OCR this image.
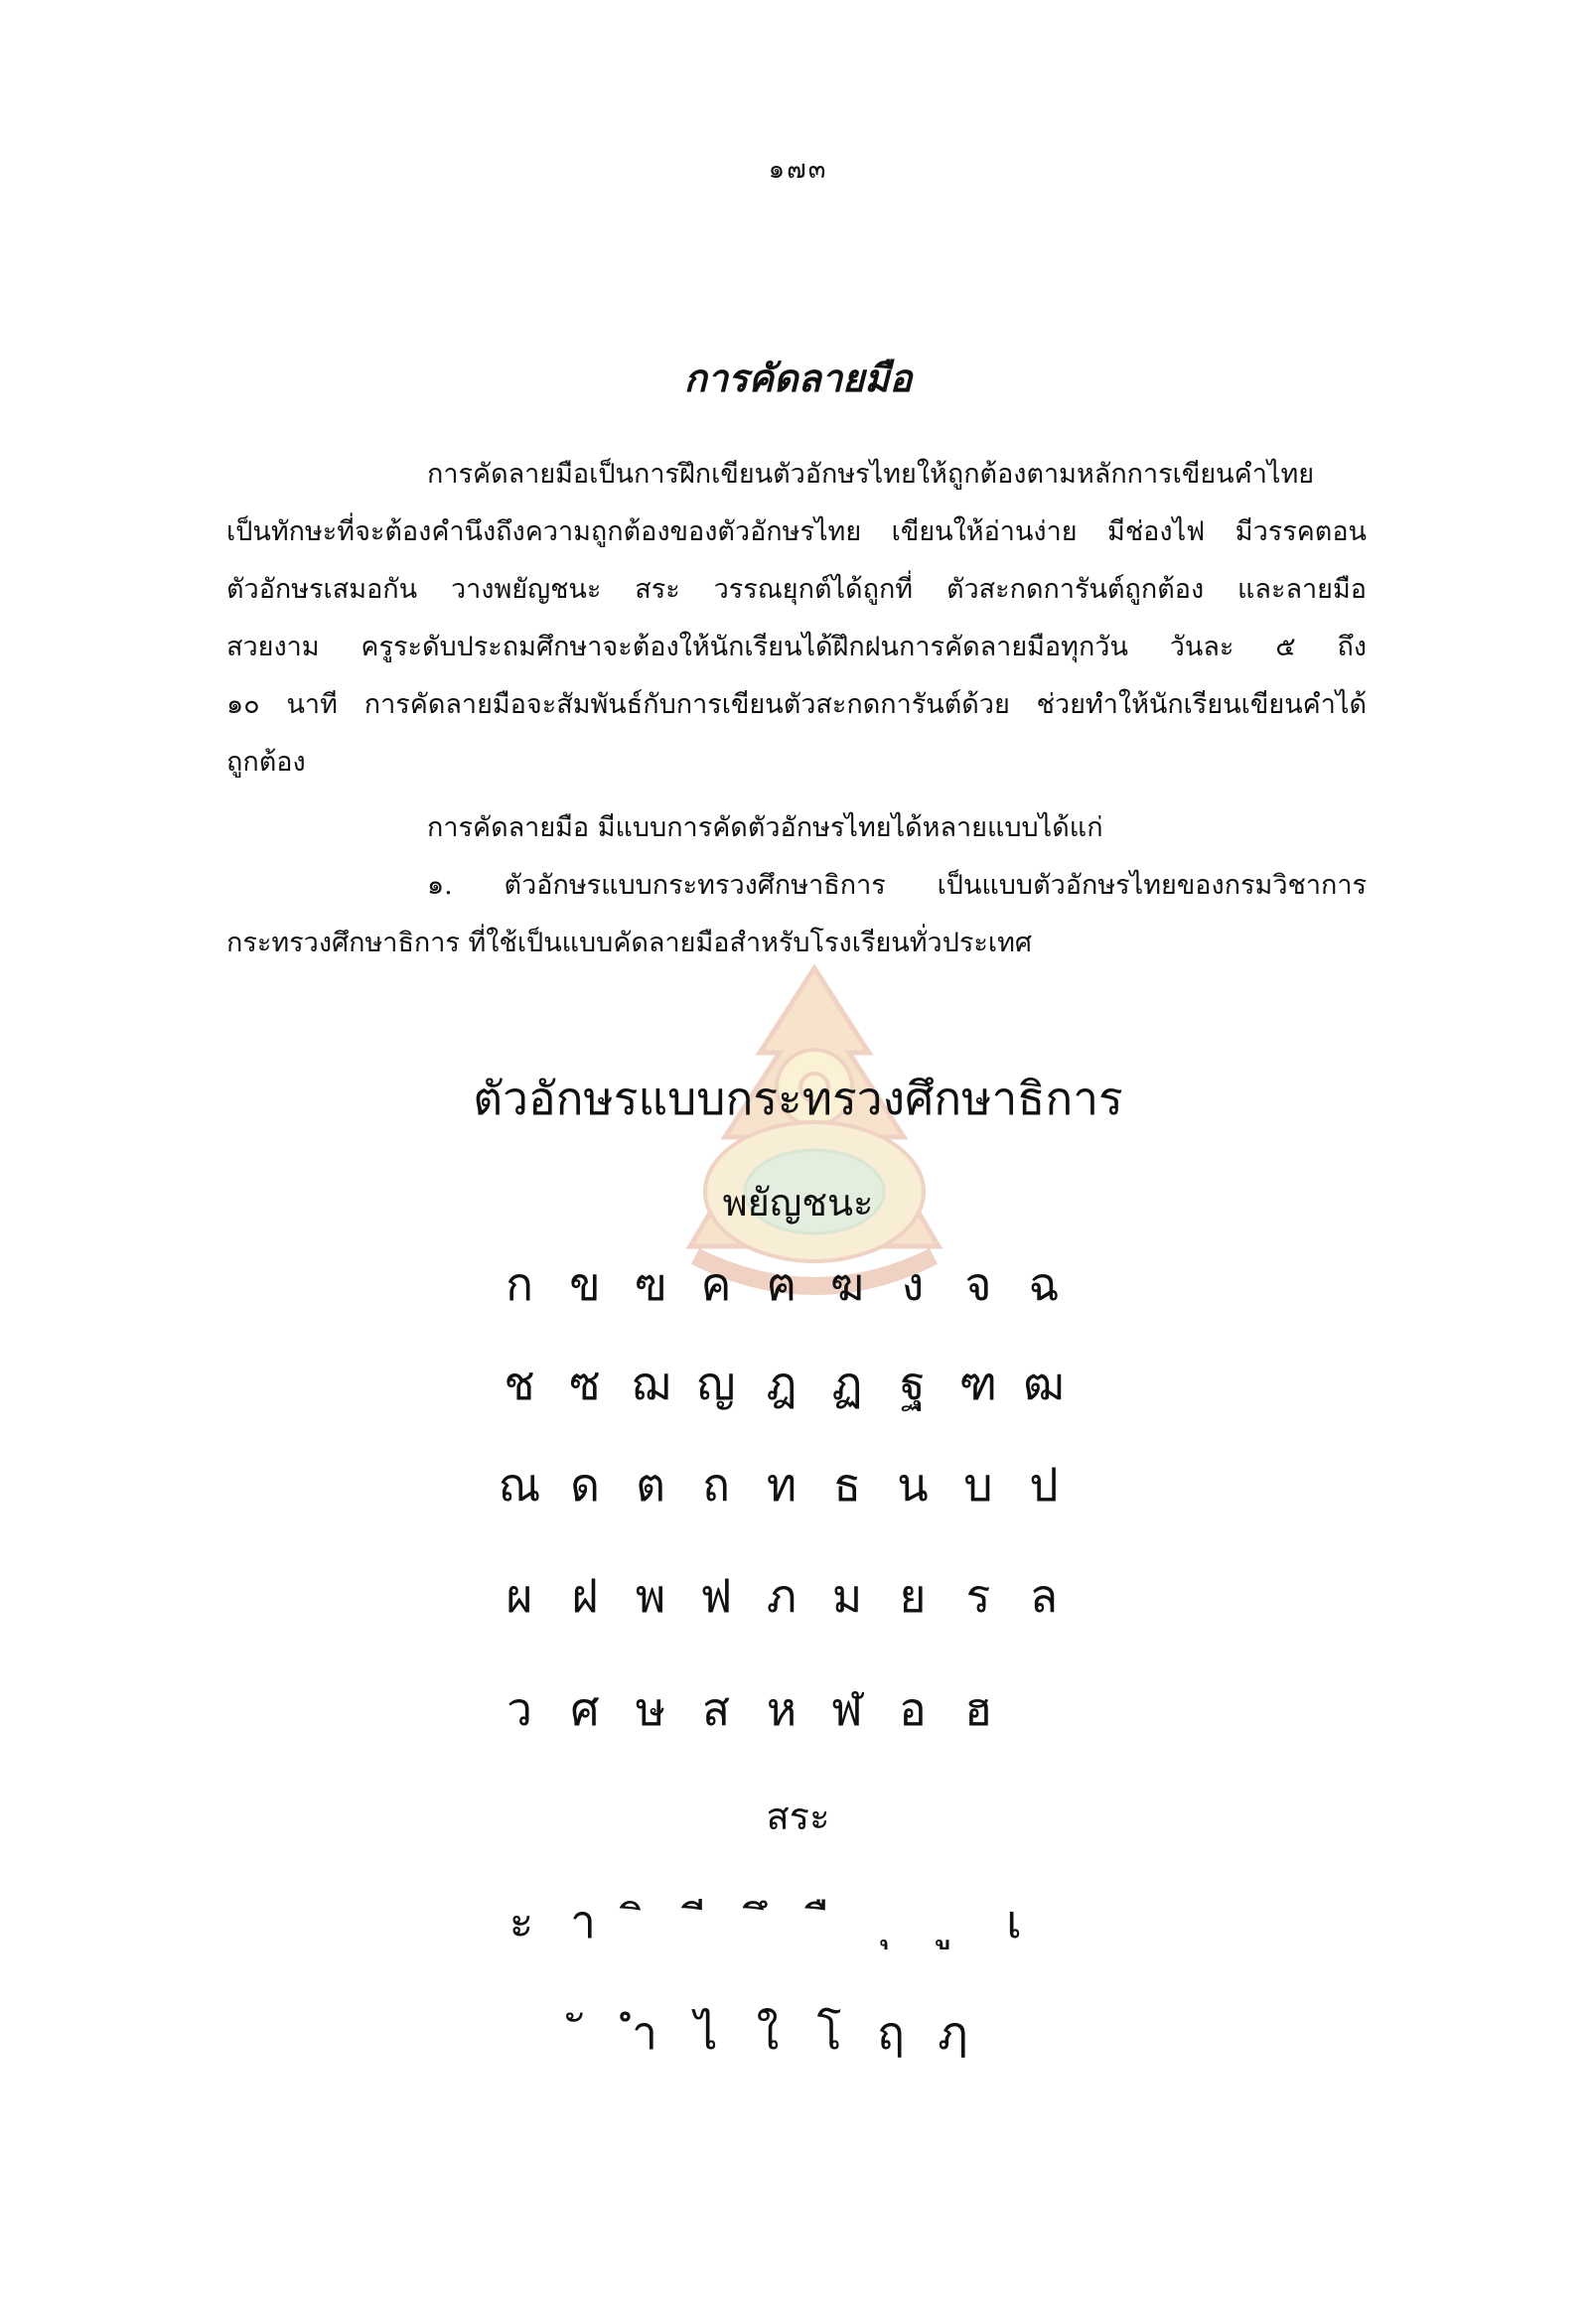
๑๗๓
การคัดลายมือ
การคัดลายมือเป็นการฝึกเขียนตัวอักษรไทยให้ถูกต้องตามหลักการเขียนคำไทย
เป็นทักษะที่จะต้องคำนึงถึงความถูกต้องของตัวอักษรไทย เขียนให้อ่านง่าย มีช่องไฟ มีวรรคตอน
ตัวอักษรเสมอกัน วางพยัญชนะ สระ วรรณยุกต์ได้ถูกที่ ตัวสะกดการันต์ถูกต้อง และลายมือ
สวยงาม ครูระดับประถมศึกษาจะต้องให้นักเรียนได้ฝึกฝนการคัดลายมือทุกวัน วันละ ๕ ถึง
๑๐ นาที การคัดลายมือจะสัมพันธ์กับการเขียนตัวสะกดการันต์ด้วย ช่วยทำให้นักเรียนเขียนคำได้
ถูกต้อง
การคัดลายมือ มีแบบการคัดตัวอักษรไทยได้หลายแบบได้แก่
๑. ตัวอักษรแบบกระทรวงศึกษาธิการ เป็นแบบตัวอักษรไทยของกรมวิชาการ
กระทรวงศึกษาธิการ ที่ใช้เป็นแบบคัดลายมือสำหรับโรงเรียนทั่วประเทศ
ตัวอักษรแบบกระทรวงศึกษาธิการ
พยัญชนะ
ก ข ฃ ค ฅ ฆ ง จ ฉ
ช ซ ฌ ญ ฎ ฏ ฐ ฑ ฒ
ณ ด ต ถ ท ธ น บ ป
ผ ฝ พ ฟ ภ ม ย ร ล
ว ศ ษ ส ห ฬ อ ฮ
สระ
ะ า	เ
ำ ไ ใ โ ฤ ฦ
